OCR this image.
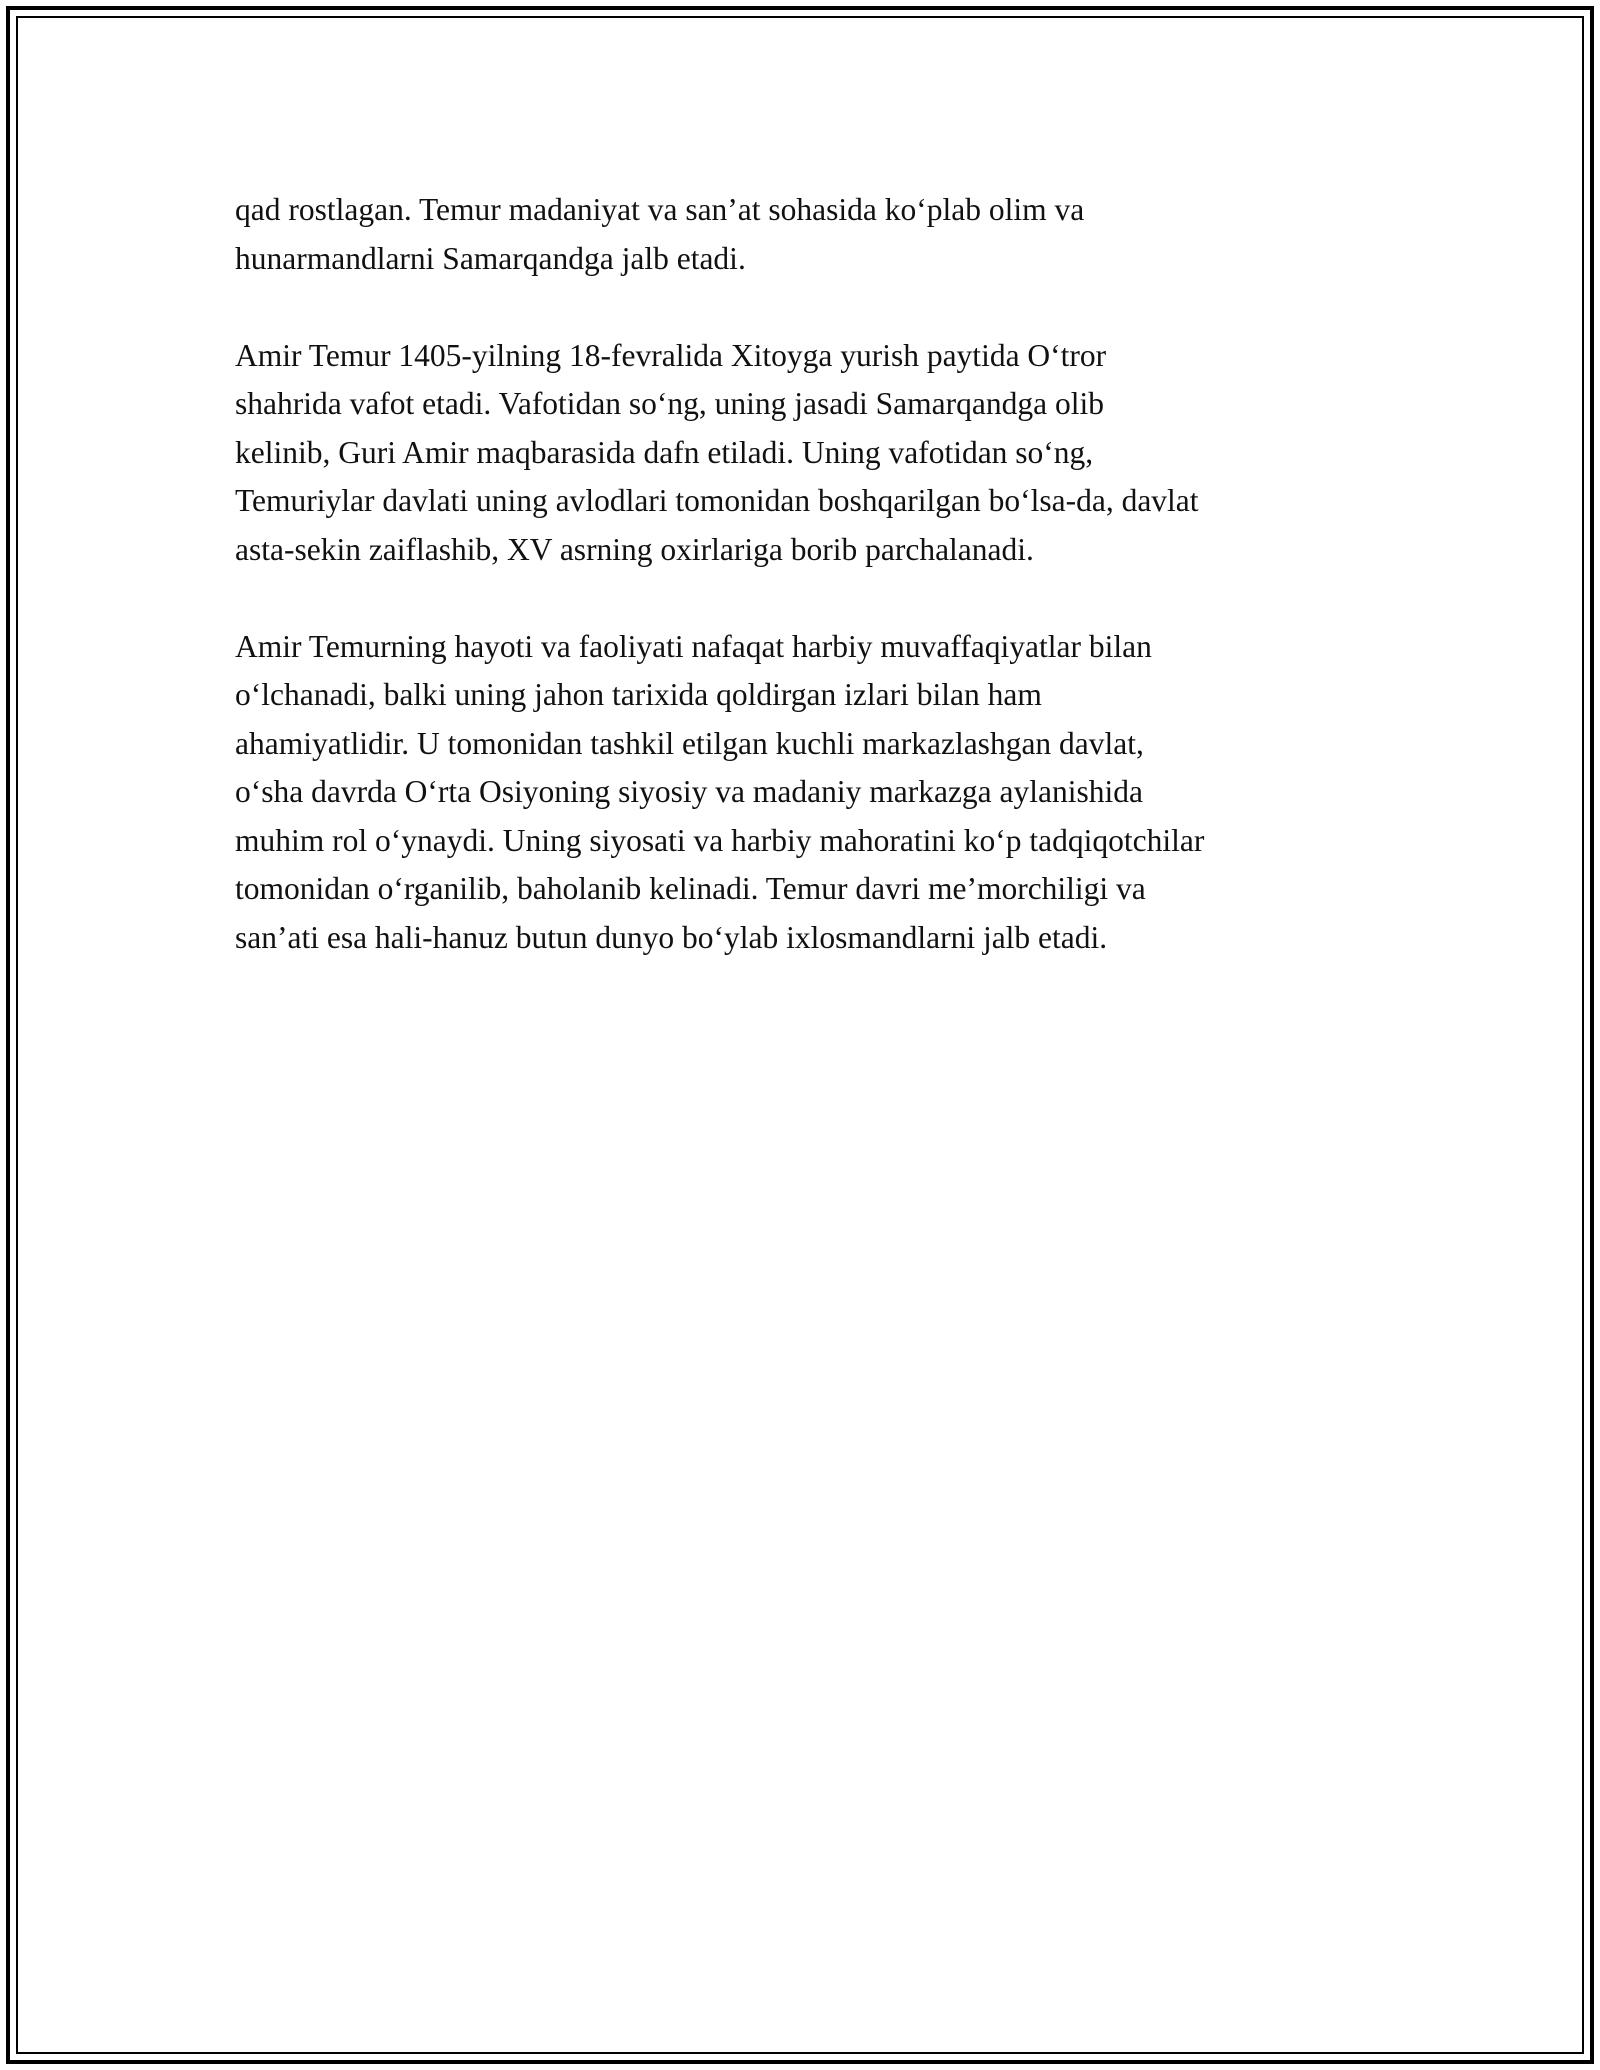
qad rostlagan. Temur madaniyat va san’at sohasida ko‘plab olim va
hunarmandlarni Samarqandga jalb etadi.

Amir Temur 1405-yilning 18-fevralida Xitoyga yurish paytida O‘tror
shahrida vafot etadi. Vafotidan so‘ng, uning jasadi Samarqandga olib
kelinib, Guri Amir maqbarasida dafn etiladi. Uning vafotidan so‘ng,
Temuriylar davlati uning avlodlari tomonidan boshqarilgan bo‘lsa-da, davlat
asta-sekin zaiflashib, XV asrning oxirlariga borib parchalanadi.

Amir Temurning hayoti va faoliyati nafaqat harbiy muvaffaqiyatlar bilan
o‘lchanadi, balki uning jahon tarixida qoldirgan izlari bilan ham
ahamiyatlidir. U tomonidan tashkil etilgan kuchli markazlashgan davlat,
o‘sha davrda O‘rta Osiyoning siyosiy va madaniy markazga aylanishida
muhim rol o‘ynaydi. Uning siyosati va harbiy mahoratini ko‘p tadqiqotchilar
tomonidan o‘rganilib, baholanib kelinadi. Temur davri me’morchiligi va
san’ati esa hali-hanuz butun dunyo bo‘ylab ixlosmandlarni jalb etadi.
